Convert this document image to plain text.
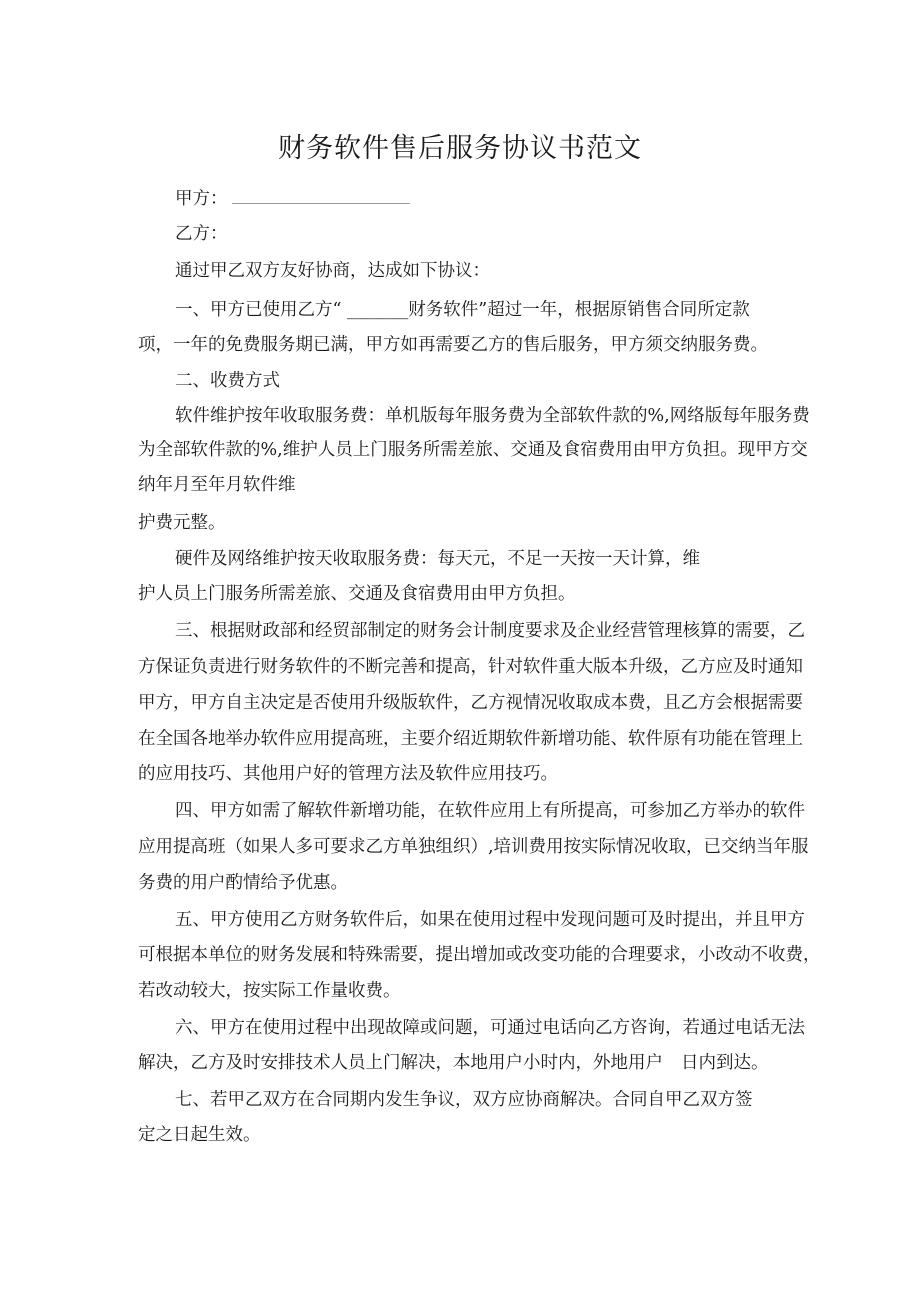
财务软件售后服务协议书范文
甲方：
乙方：
通过甲乙双方友好协商，达成如下协议：
一、甲方已使用乙方“ _______财务软件”超过一年，根据原销售合同所定款
项，一年的免费服务期已满，甲方如再需要乙方的售后服务，甲方须交纳服务费。
二、收费方式
软件维护按年收取服务费：单机版每年服务费为全部软件款的%,网络版每年服务费
为全部软件款的%,维护人员上门服务所需差旅、交通及食宿费用由甲方负担。现甲方交
纳年月至年月软件维
护费元整。
硬件及网络维护按天收取服务费：每天元，不足一天按一天计算，维
护人员上门服务所需差旅、交通及食宿费用由甲方负担。
三、根据财政部和经贸部制定的财务会计制度要求及企业经营管理核算的需要，乙
方保证负责进行财务软件的不断完善和提高，针对软件重大版本升级，乙方应及时通知
甲方，甲方自主决定是否使用升级版软件，乙方视情况收取成本费，且乙方会根据需要
在全国各地举办软件应用提高班，主要介绍近期软件新增功能、软件原有功能在管理上
的应用技巧、其他用户好的管理方法及软件应用技巧。
四、甲方如需了解软件新增功能，在软件应用上有所提高，可参加乙方举办的软件
应用提高班（如果人多可要求乙方单独组织）,培训费用按实际情况收取，已交纳当年服
务费的用户酌情给予优惠。
五、甲方使用乙方财务软件后，如果在使用过程中发现问题可及时提出，并且甲方
可根据本单位的财务发展和特殊需要，提出增加或改变功能的合理要求，小改动不收费，
若改动较大，按实际工作量收费。
六、甲方在使用过程中出现故障或问题，可通过电话向乙方咨询，若通过电话无法
解决，乙方及时安排技术人员上门解决，本地用户小时内，外地用户 日内到达。
七、若甲乙双方在合同期内发生争议，双方应协商解决。合同自甲乙双方签
定之日起生效。
